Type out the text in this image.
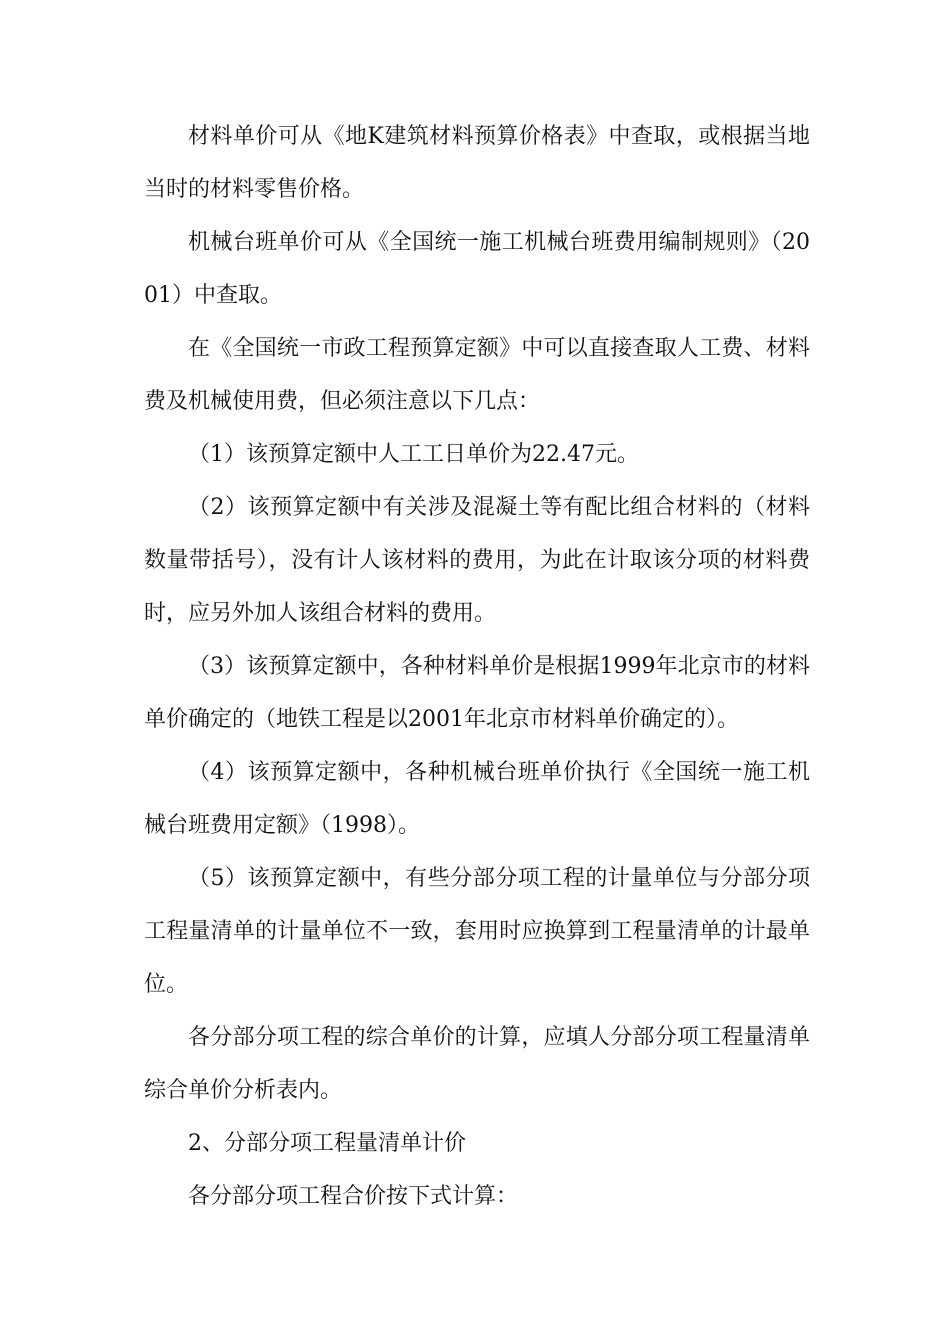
材料单价可从《地K建筑材料预算价格表》中查取，或根据当地当时的材料零售价格。

机械台班单价可从《全国统一施工机械台班费用编制规则》（2001）中查取。

在《全国统一市政工程预算定额》中可以直接查取人工费、材料费及机械使用费，但必须注意以下几点：

（1）该预算定额中人工工日单价为22.47元。

（2）该预算定额中有关涉及混凝土等有配比组合材料的（材料数量带括号），没有计人该材料的费用，为此在计取该分项的材料费时，应另外加人该组合材料的费用。

（3）该预算定额中，各种材料单价是根据1999年北京市的材料单价确定的（地铁工程是以2001年北京市材料单价确定的）。

（4）该预算定额中，各种机械台班单价执行《全国统一施工机械台班费用定额》（1998）。

（5）该预算定额中，有些分部分项工程的计量单位与分部分项工程量清单的计量单位不一致，套用时应换算到工程量清单的计最单位。

各分部分项工程的综合单价的计算，应填人分部分项工程量清单综合单价分析表内。

2、分部分项工程量清单计价

各分部分项工程合价按下式计算：
